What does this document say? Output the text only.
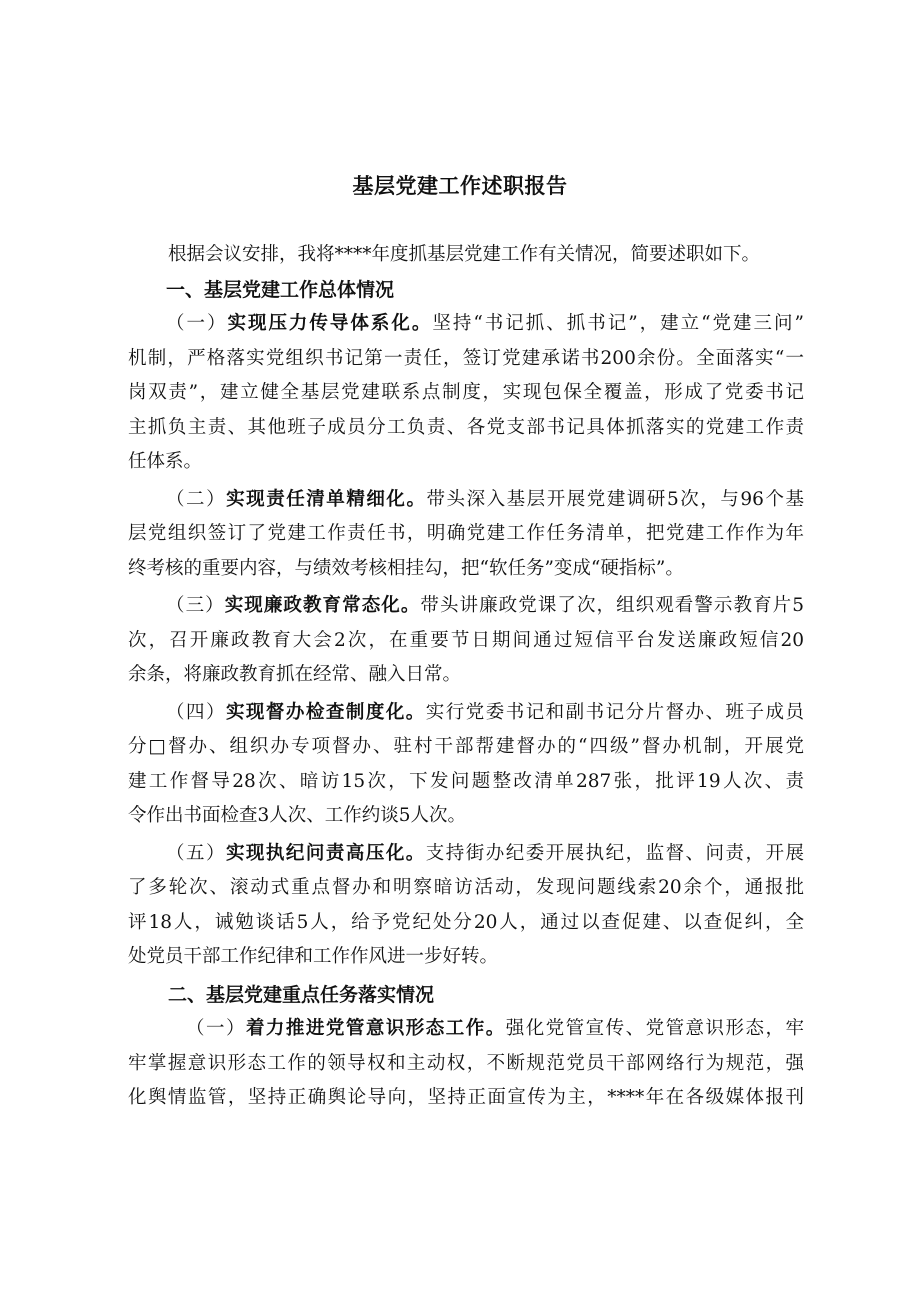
基层党建工作述职报告
根据会议安排，我将****年度抓基层党建工作有关情况，简要述职如下。
一、基层党建工作总体情况
（一）实现压力传导体系化。坚持“书记抓、抓书记”，建立“党建三问”
机制，严格落实党组织书记第一责任，签订党建承诺书200余份。全面落实“一
岗双责”，建立健全基层党建联系点制度，实现包保全覆盖，形成了党委书记
主抓负主责、其他班子成员分工负责、各党支部书记具体抓落实的党建工作责
任体系。
（二）实现责任清单精细化。带头深入基层开展党建调研5次，与96个基
层党组织签订了党建工作责任书，明确党建工作任务清单，把党建工作作为年
终考核的重要内容，与绩效考核相挂勾，把“软任务”变成“硬指标”。
（三）实现廉政教育常态化。带头讲廉政党课了次，组织观看警示教育片5
次，召开廉政教育大会2次，在重要节日期间通过短信平台发送廉政短信20
余条，将廉政教育抓在经常、融入日常。
（四）实现督办检查制度化。实行党委书记和副书记分片督办、班子成员
分□督办、组织办专项督办、驻村干部帮建督办的“四级”督办机制，开展党
建工作督导28次、暗访15次，下发问题整改清单287张，批评19人次、责
令作出书面检查3人次、工作约谈5人次。
（五）实现执纪问责高压化。支持街办纪委开展执纪，监督、问责，开展
了多轮次、滚动式重点督办和明察暗访活动，发现问题线索20余个，通报批
评18人，诫勉谈话5人，给予党纪处分20人，通过以查促建、以查促纠，全
处党员干部工作纪律和工作作风进一步好转。
二、基层党建重点任务落实情况
（一）着力推进党管意识形态工作。强化党管宣传、党管意识形态，牢
牢掌握意识形态工作的领导权和主动权，不断规范党员干部网络行为规范，强
化舆情监管，坚持正确舆论导向，坚持正面宣传为主，****年在各级媒体报刊
